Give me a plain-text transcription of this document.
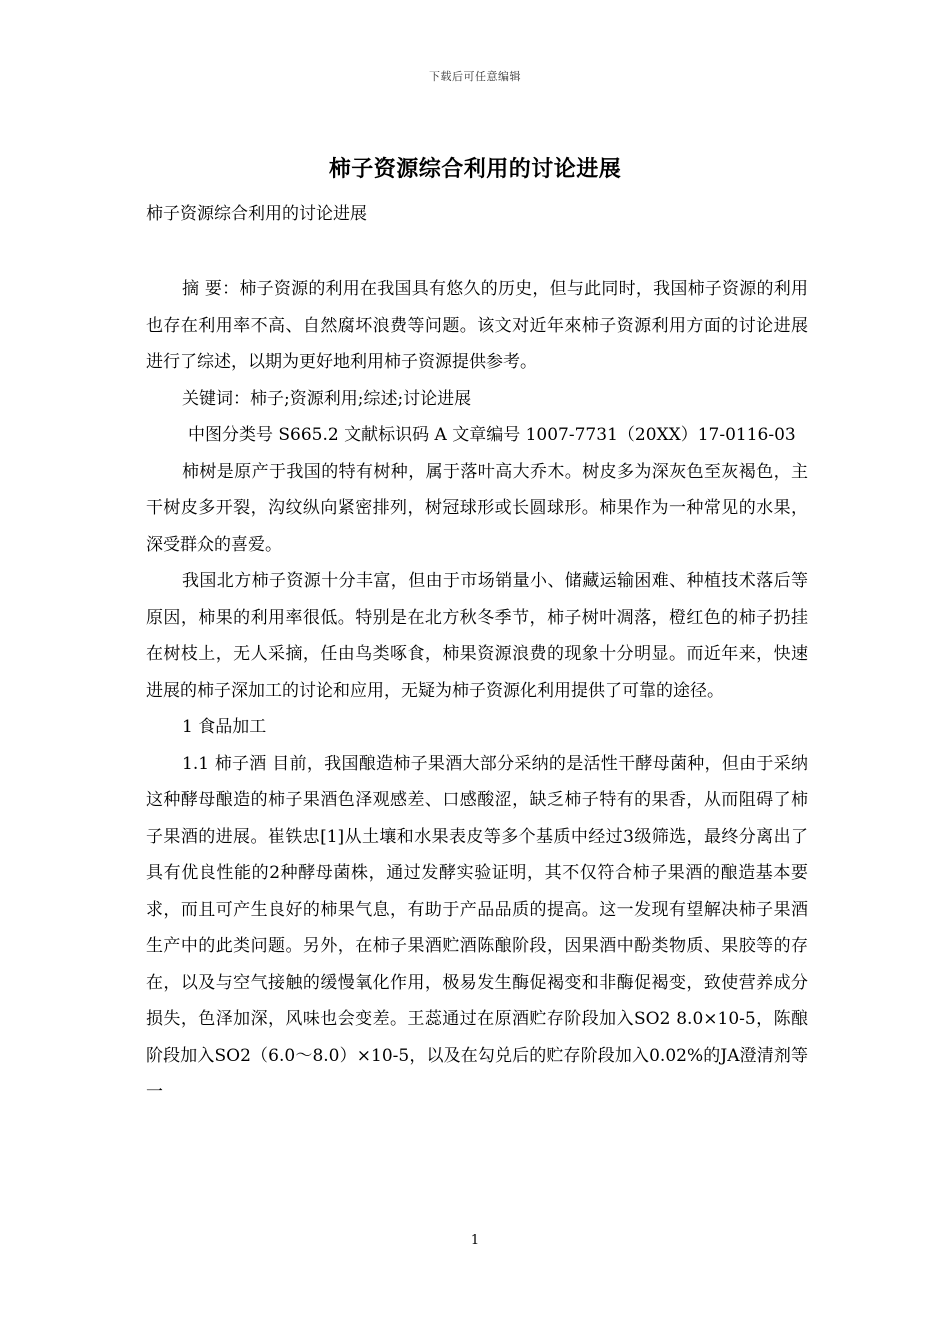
下载后可任意编辑
柿子资源综合利用的讨论进展
柿子资源综合利用的讨论进展

摘 要：柿子资源的利用在我国具有悠久的历史，但与此同时，我国柿子资源的利用也存在利用率不高、自然腐坏浪费等问题。该文对近年來柿子资源利用方面的讨论进展进行了综述，以期为更好地利用柿子资源提供参考。

关键词：柿子;资源利用;综述;讨论进展

中图分类号 S665.2 文献标识码 A 文章编号 1007-7731（20XX）17-0116-03

柿树是原产于我国的特有树种，属于落叶高大乔木。树皮多为深灰色至灰褐色，主干树皮多开裂，沟纹纵向紧密排列，树冠球形或长圆球形。柿果作为一种常见的水果，深受群众的喜爱。

我国北方柿子资源十分丰富，但由于市场销量小、储藏运输困难、种植技术落后等原因，柿果的利用率很低。特别是在北方秋冬季节，柿子树叶凋落，橙红色的柿子扔挂在树枝上，无人采摘，任由鸟类啄食，柿果资源浪费的现象十分明显。而近年来，快速进展的柿子深加工的讨论和应用，无疑为柿子资源化利用提供了可靠的途径。

1 食品加工

1.1 柿子酒 目前，我国酿造柿子果酒大部分采纳的是活性干酵母菌种，但由于采纳这种酵母酿造的柿子果酒色泽观感差、口感酸涩，缺乏柿子特有的果香，从而阻碍了柿子果酒的进展。崔铁忠[1]从土壤和水果表皮等多个基质中经过3级筛选，最终分离出了具有优良性能的2种酵母菌株，通过发酵实验证明，其不仅符合柿子果酒的酿造基本要求，而且可产生良好的柿果气息，有助于产品品质的提高。这一发现有望解决柿子果酒生产中的此类问题。另外，在柿子果酒贮酒陈酿阶段，因果酒中酚类物质、果胶等的存在，以及与空气接触的缓慢氧化作用，极易发生酶促褐变和非酶促褐变，致使营养成分损失，色泽加深，风味也会变差。王蕊通过在原酒贮存阶段加入SO2 8.0×10-5，陈酿阶段加入SO2（6.0～8.0）×10-5，以及在勾兑后的贮存阶段加入0.02%的JA澄清剂等一

1
